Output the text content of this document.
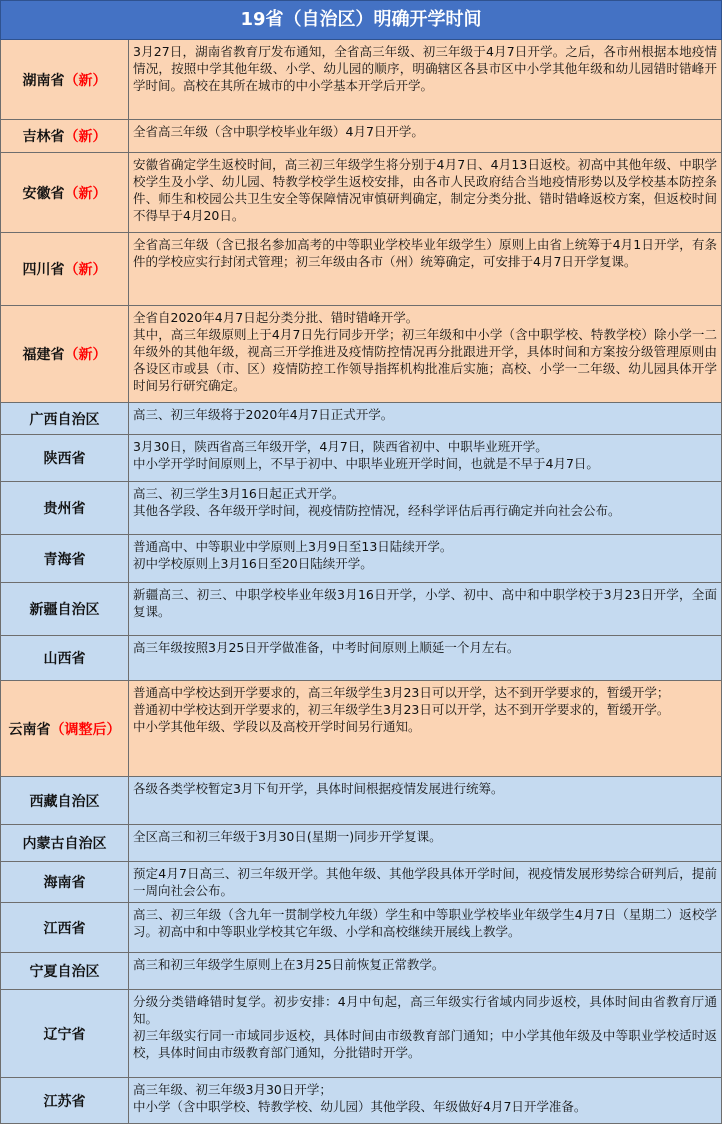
19省（自治区）明确开学时间
湖南省 （新）
3月27日，湖南省教育厅发布通知，全省高三年级、初三年级于4月7日开学。之后，各市州根据本地疫情情况，按照中学其他年级、小学、幼儿园的顺序，明确辖区各县市区中小学其他年级和幼儿园错时错峰开学时间。高校在其所在城市的中小学基本开学后开学。
吉林省 （新） 全省高三年级（含中职学校毕业年级）4月7日开学。
安徽省 （新）
安徽省确定学生返校时间，高三初三年级学生将分别于4月7日、4月13日返校。初高中其他年级、中职学校学生及小学、幼儿园、特教学校学生返校安排，由各市人民政府结合当地疫情形势以及学校基本防控条件、师生和校园公共卫生安全等保障情况审慎研判确定，制定分类分批、错时错峰返校方案，但返校时间不得早于4月20日。
四川省 （新）
全省高三年级（含已报名参加高考的中等职业学校毕业年级学生）原则上由省上统筹于4月1日开学，有条件的学校应实行封闭式管理；初三年级由各市（州）统筹确定，可安排于4月7日开学复课。
福建省 （新）
全省自2020年4月7日起分类分批、错时错峰开学。
其中，高三年级原则上于4月7日先行同步开学；初三年级和中小学（含中职学校、特教学校）除小学一二年级外的其他年级，视高三开学推进及疫情防控情况再分批跟进开学，具体时间和方案按分级管理原则由各设区市或县（市、区）疫情防控工作领导指挥机构批准后实施；高校、小学一二年级、幼儿园具体开学时间另行研究确定。
广西自治区	高三、初三年级将于2020年4月7日正式开学。
陕西省
3月30日，陕西省高三年级开学，4月7日，陕西省初中、中职毕业班开学。
中小学开学时间原则上，不早于初中、中职毕业班开学时间，也就是不早于4月7日。
贵州省
高三、初三学生3月16日起正式开学。
其他各学段、各年级开学时间，视疫情防控情况，经科学评估后再行确定并向社会公布。
青海省
普通高中、中等职业中学原则上3月9日至13日陆续开学。
初中学校原则上3月16日至20日陆续开学。
新疆自治区
新疆高三、初三、中职学校毕业年级3月16日开学，小学、初中、高中和中职学校于3月23日开学，全面复课。
山西省
高三年级按照3月25日开学做准备，中考时间原则上顺延一个月左右。
云南省 （调整后）
普通高中学校达到开学要求的，高三年级学生3月23日可以开学，达不到开学要求的，暂缓开学；
普通初中学校达到开学要求的，初三年级学生3月23日可以开学，达不到开学要求的，暂缓开学。
中小学其他年级、学段以及高校开学时间另行通知。
西藏自治区
各级各类学校暂定3月下旬开学，具体时间根据疫情发展进行统筹。
内蒙古自治区 全区高三和初三年级于3月30日(星期一)同步开学复课。
海南省
预定4月7日高三、初三年级开学。其他年级、其他学段具体开学时间，视疫情发展形势综合研判后，提前一周向社会公布。
江西省
高三、初三年级（含九年一贯制学校九年级）学生和中等职业学校毕业年级学生4月7日（星期二）返校学习。初高中和中等职业学校其它年级、小学和高校继续开展线上教学。
宁夏自治区	高三和初三年级学生原则上在3月25日前恢复正常教学。
辽宁省
分级分类错峰错时复学。初步安排：4月中旬起，高三年级实行省域内同步返校，具体时间由省教育厅通知。
初三年级实行同一市域同步返校，具体时间由市级教育部门通知；中小学其他年级及中等职业学校适时返校，具体时间由市级教育部门通知，分批错时开学。
江苏省
高三年级、初三年级3月30日开学；
中小学（含中职学校、特教学校、幼儿园）其他学段、年级做好4月7日开学准备。
